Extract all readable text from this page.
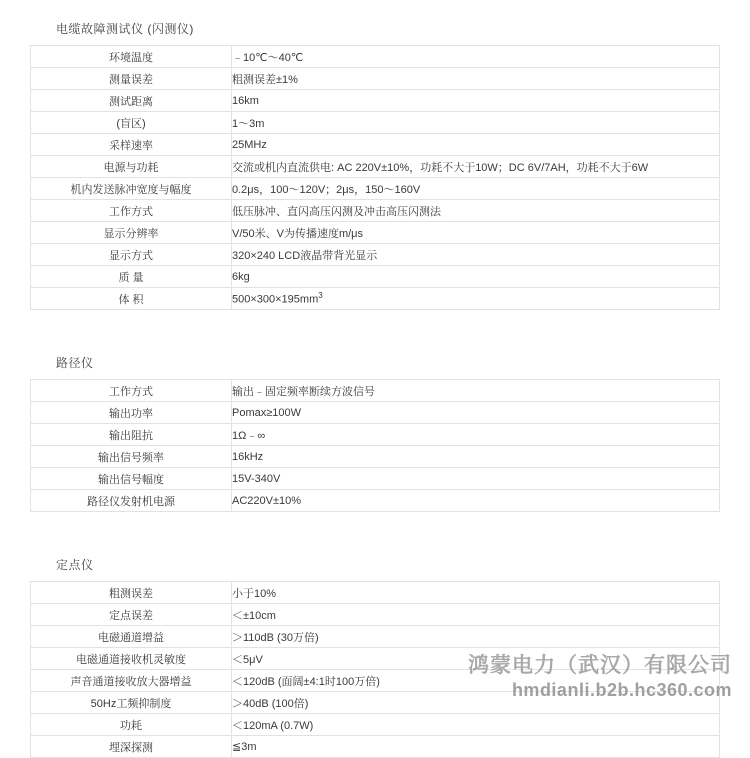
电缆故障测试仪 (闪测仪)
环境温度	﹣10℃～40℃
测量误差	粗测误差±1%
测试距离	16km
(盲区)	1～3m
采样速率	25MHz
电源与功耗	交流或机内直流供电: AC 220V±10%，功耗不大于10W；DC 6V/7AH，功耗不大于6W
机内发送脉冲宽度与幅度	0.2μs，100～120V；2μs，150～160V
工作方式	低压脉冲、直闪高压闪测及冲击高压闪测法
显示分辨率	V/50米、V为传播速度m/μs
显示方式	320×240 LCD液晶带背光显示
质 量	6kg
体 积	$500\times 300\times 195mm^3$
路径仪
工作方式	输出﹣固定频率断续方波信号
输出功率	Pomax≥100W
输出阻抗	1Ω﹣∞
输出信号频率	16kHz
输出信号幅度	15V-340V
路径仪发射机电源	AC220V±10%
定点仪
粗测误差	小于10%
定点误差	＜±10cm
电磁通道增益	＞110dB (30万倍)
电磁通道接收机灵敏度	＜5μV
声音通道接收放大器增益	＜120dB (面阔±4:1时100万倍)
50Hz工频抑制度	＞40dB (100倍)
功耗	＜120mA (0.7W)
埋深探测	≦3m
鸿蒙电力（武汉）有限公司
hmdianli.b2b.hc360.com
